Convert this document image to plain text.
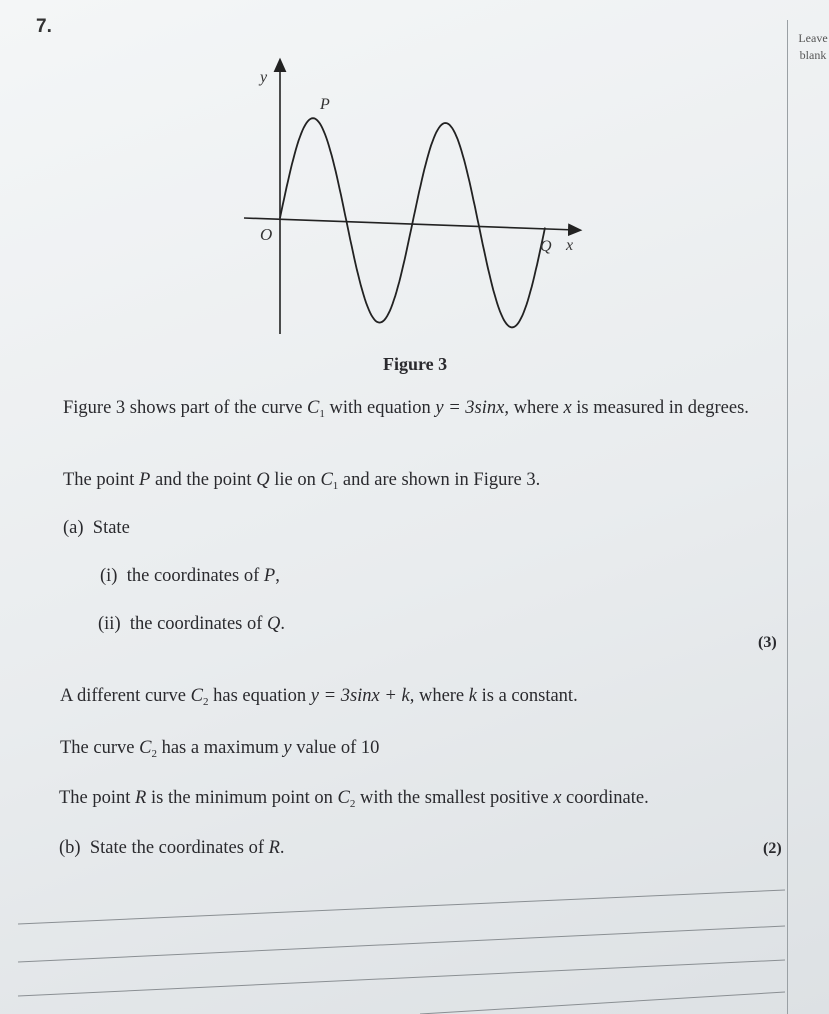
7.
Leave
blank
y
x
O
P
Q
Figure 3
Figure 3 shows part of the curve $C_1$ with equation y = 3sinx, where x is measured in degrees.
The point P and the point Q lie on $C_1$ and are shown in Figure 3.
(a) State
(i) the coordinates of P,
(ii) the coordinates of Q.
(3)
A different curve $C_2$ has equation y = 3sinx + k, where k is a constant.
The curve $C_2$ has a maximum y value of 10
The point R is the minimum point on $C_2$ with the smallest positive x coordinate.
(b) State the coordinates of R.	(2)
